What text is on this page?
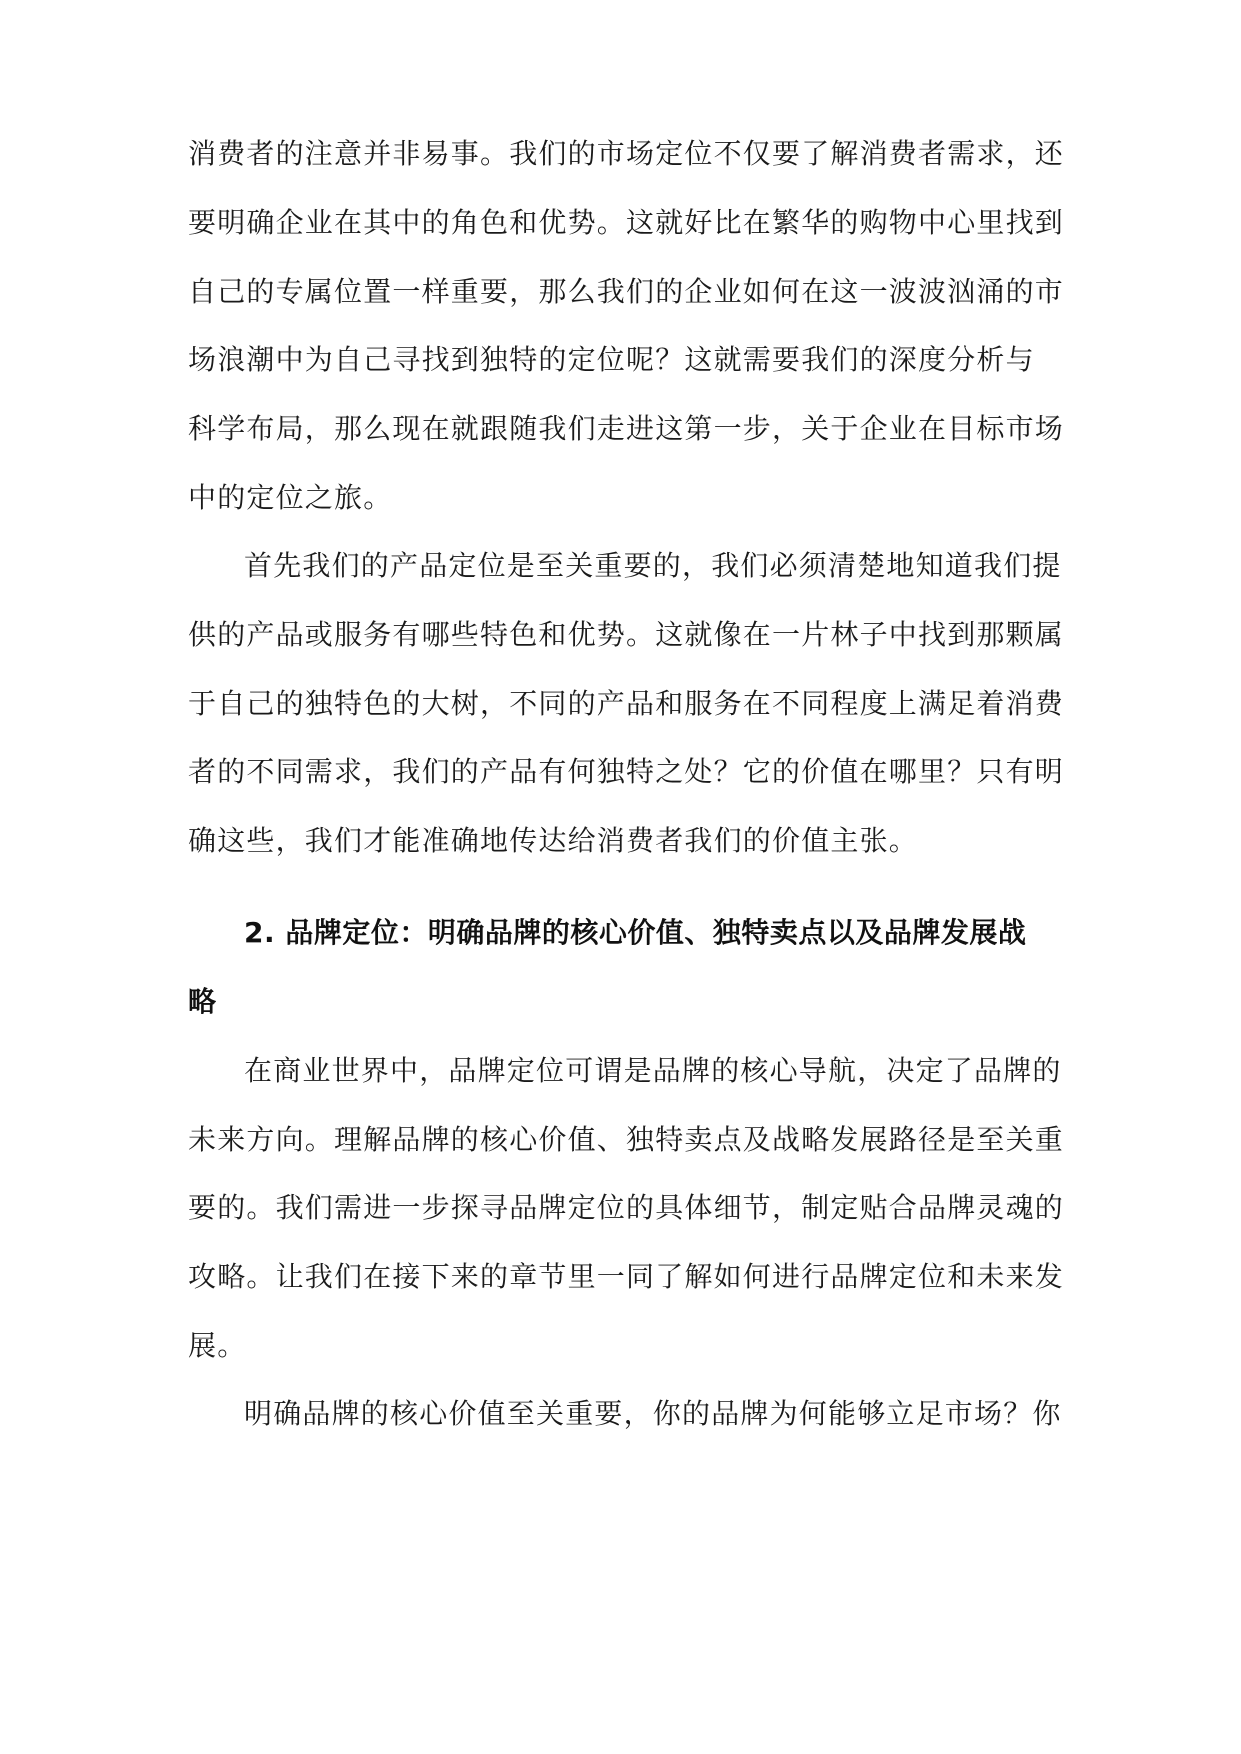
消费者的注意并非易事。我们的市场定位不仅要了解消费者需求，还
要明确企业在其中的角色和优势。这就好比在繁华的购物中心里找到
自己的专属位置一样重要，那么我们的企业如何在这一波波汹涌的市
场浪潮中为自己寻找到独特的定位呢？这就需要我们的深度分析与
科学布局，那么现在就跟随我们走进这第一步，关于企业在目标市场
中的定位之旅。
首先我们的产品定位是至关重要的，我们必须清楚地知道我们提
供的产品或服务有哪些特色和优势。这就像在一片林子中找到那颗属
于自己的独特色的大树，不同的产品和服务在不同程度上满足着消费
者的不同需求，我们的产品有何独特之处？它的价值在哪里？只有明
确这些，我们才能准确地传达给消费者我们的价值主张。
2. 品牌定位：明确品牌的核心价值、独特卖点以及品牌发展战
略
在商业世界中，品牌定位可谓是品牌的核心导航，决定了品牌的
未来方向。理解品牌的核心价值、独特卖点及战略发展路径是至关重
要的。我们需进一步探寻品牌定位的具体细节，制定贴合品牌灵魂的
攻略。让我们在接下来的章节里一同了解如何进行品牌定位和未来发
展。
明确品牌的核心价值至关重要，你的品牌为何能够立足市场？你
